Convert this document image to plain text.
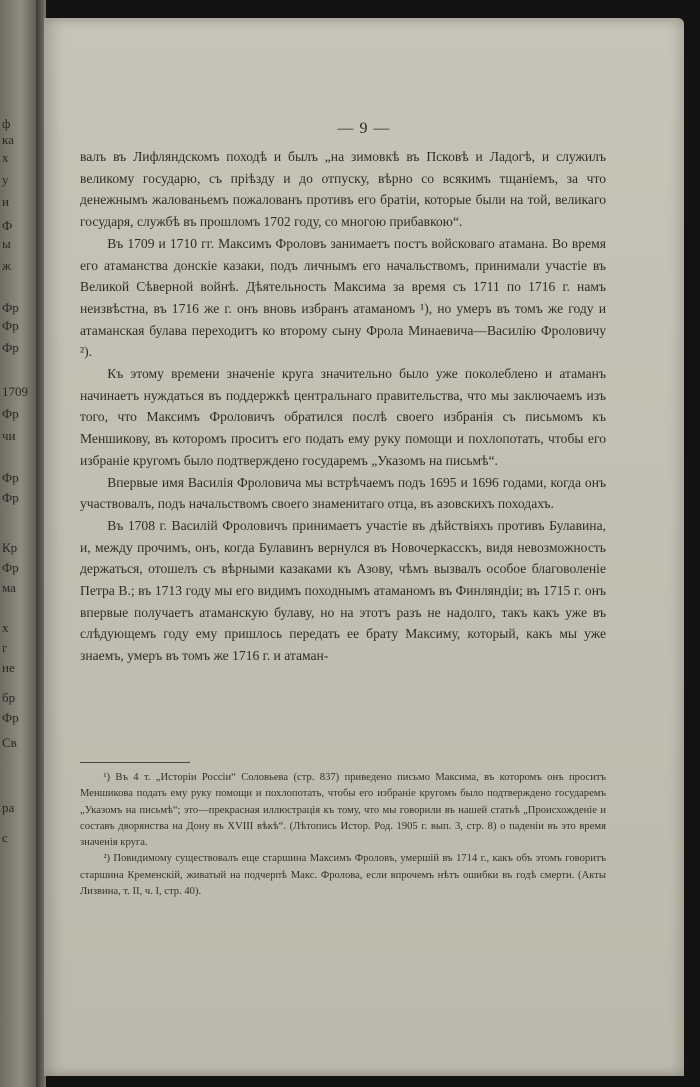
ф
ка
х
у
и
Ф
ы
ж
Фр
Фр
Фр
1709
Фр
чи
Фр
Фр
Кр
Фр
ма
х
г
не
бр
Фр
Св
ра
с
— 9 —

валъ въ Лифляндскомъ походѣ и былъ „на зимовкѣ въ Псковѣ и Ладогѣ, и служилъ великому государю, съ пріѣзду и до отпуску, вѣрно со всякимъ тщаніемъ, за что денежнымъ жалованьемъ пожалованъ противъ его братіи, которые были на той, великаго государя, службѣ въ прошломъ 1702 году, со многою прибавкою“.

Въ 1709 и 1710 гг. Максимъ Фроловъ занимаетъ постъ войсковаго атамана. Во время его атаманства донскіе казаки, подъ личнымъ его начальствомъ, принимали участіе въ Великой Сѣверной войнѣ. Дѣятельность Максима за время съ 1711 по 1716 г. намъ неизвѣстна, въ 1716 же г. онъ вновь избранъ атаманомъ ¹), но умеръ въ томъ же году и атаманская булава переходитъ ко второму сыну Фрола Минаевича—Василію Фроловичу ²).

Къ этому времени значеніе круга значительно было уже поколеблено и атаманъ начинаетъ нуждаться въ поддержкѣ центральнаго правительства, что мы заключаемъ изъ того, что Максимъ Фроловичъ обратился послѣ своего избранія съ письмомъ къ Меншикову, въ которомъ проситъ его подать ему руку помощи и похлопотать, чтобы его избраніе кругомъ было подтверждено государемъ „Указомъ на письмѣ“.

Впервые имя Василія Фроловича мы встрѣчаемъ подъ 1695 и 1696 годами, когда онъ участвовалъ, подъ начальствомъ своего знаменитаго отца, въ азовскихъ походахъ.

Въ 1708 г. Василій Фроловичъ принимаетъ участіе въ дѣйствіяхъ противъ Булавина, и, между прочимъ, онъ, когда Булавинъ вернулся въ Новочеркасскъ, видя невозможность держаться, отошелъ съ вѣрными казаками къ Азову, чѣмъ вызвалъ особое благоволеніе Петра В.; въ 1713 году мы его видимъ походнымъ атаманомъ въ Финляндіи; въ 1715 г. онъ впервые получаетъ атаманскую булаву, но на этотъ разъ не надолго, такъ какъ уже въ слѣдующемъ году ему пришлось передать ее брату Максиму, который, какъ мы уже знаемъ, умеръ въ томъ же 1716 г. и атаман-

¹) Въ 4 т. „Исторіи Россіи“ Соловьева (стр. 837) приведено письмо Максима, въ которомъ онъ проситъ Меншикова подать ему руку помощи и похлопотать, чтобы его избраніе кругомъ было подтверждено государемъ „Указомъ на письмѣ“; это—прекрасная иллюстрація къ тому, что мы говорили въ нашей статьѣ „Происхожденіе и составъ дворянства на Дону въ XVIII вѣкѣ“. (Лѣтопись Истор. Род. 1905 г. вып. 3, стр. 8) о паденіи въ это время значенія круга.

²) Повидимому существовалъ еще старшина Максимъ Фроловъ, умершій въ 1714 г., какъ объ этомъ говоритъ старшина Кременскій, живатый на подчерпѣ Макс. Фролова, если впрочемъ нѣтъ ошибки въ годѣ смерти. (Акты Лизвина, т. II, ч. I, стр. 40).
